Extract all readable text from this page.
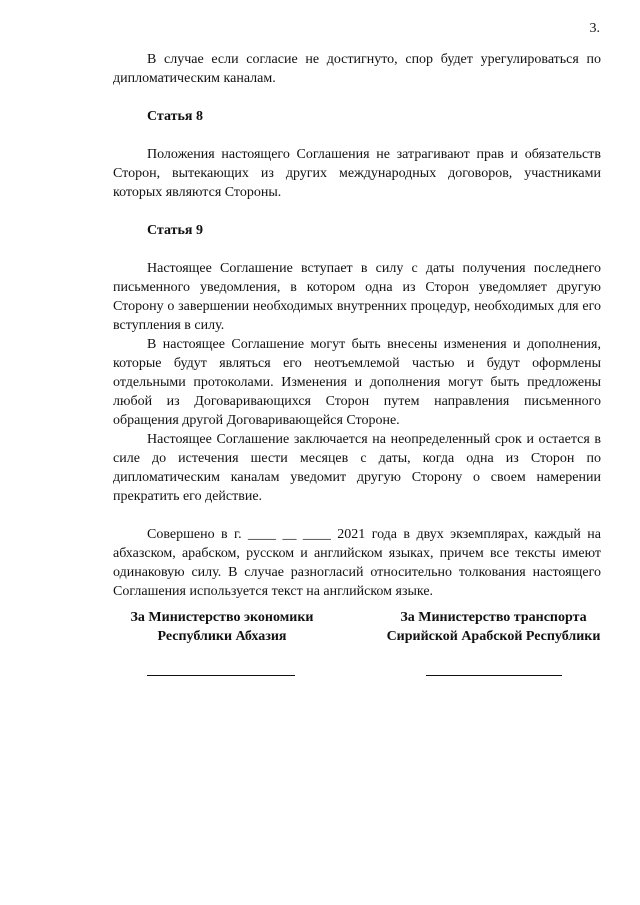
3.

В случае если согласие не достигнуто, спор будет урегулироваться по дипломатическим каналам.

Статья 8

Положения настоящего Соглашения не затрагивают прав и обязательств Сторон, вытекающих из других международных договоров, участниками которых являются Стороны.

Статья 9

Настоящее Соглашение вступает в силу с даты получения последнего письменного уведомления, в котором одна из Сторон уведомляет другую Сторону о завершении необходимых внутренних процедур, необходимых для его вступления в силу.

В настоящее Соглашение могут быть внесены изменения и дополнения, которые будут являться его неотъемлемой частью и будут оформлены отдельными протоколами. Изменения и дополнения могут быть предложены любой из Договаривающихся Сторон путем направления письменного обращения другой Договаривающейся Стороне.

Настоящее Соглашение заключается на неопределенный срок и остается в силе до истечения шести месяцев с даты, когда одна из Сторон по дипломатическим каналам уведомит другую Сторону о своем намерении прекратить его действие.

Совершено в г. ____ __ ____ 2021 года в двух экземплярах, каждый на абхазском, арабском, русском и английском языках, причем все тексты имеют одинаковую силу. В случае разногласий относительно толкования настоящего Соглашения используется текст на английском языке.

За Министерство экономики
Республики Абхазия
За Министерство транспорта
Сирийской Арабской Республики
